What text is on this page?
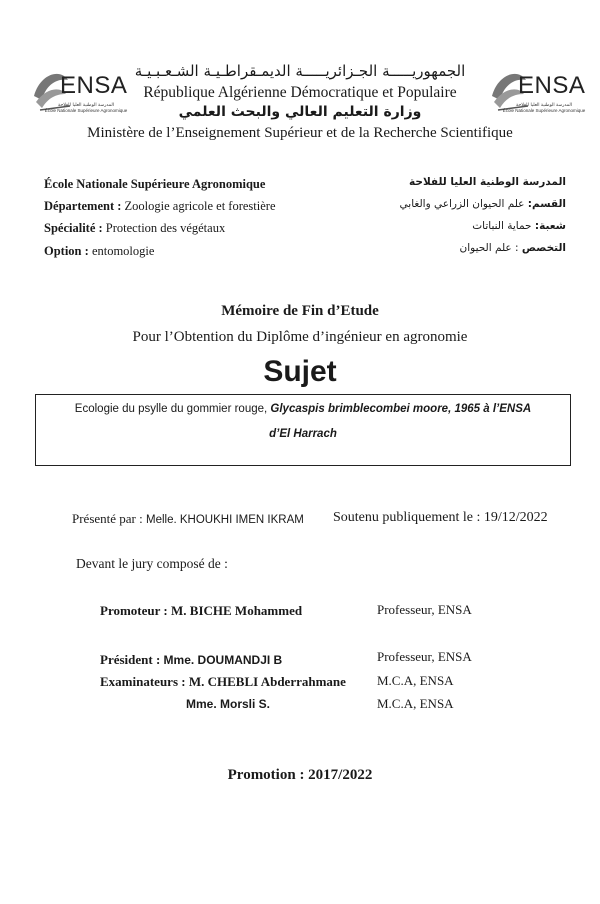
ENSA
المدرسة الوطنية العليا للفلاحة
École Nationale Supérieure Agronomique
ENSA
المدرسة الوطنية العليا للفلاحة
École Nationale Supérieure Agronomique
الجمهوريـــــة الجـزائريـــــة الديمـقراطـيـة الشـعـبـيـة
République Algérienne Démocratique et Populaire
وزارة التعليم العالي والبحث العلمي
Ministère de l’Enseignement Supérieur et de la Recherche Scientifique
École Nationale Supérieure Agronomique
Département : Zoologie agricole et forestière
Spécialité : Protection des végétaux
Option : entomologie
المدرسة الوطنية العليا للفلاحة
القسم: علم الحيوان الزراعي والغابي
شعبة: حماية النباتات
التخصص : علم الحيوان
Mémoire de Fin d’Etude
Pour l’Obtention du Diplôme d’ingénieur en agronomie
Sujet
Ecologie du psylle du gommier rouge, Glycaspis brimblecombei moore, 1965 à l’ENSA d’El Harrach
Présenté par : Melle. KHOUKHI IMEN IKRAM Soutenu publiquement le : 19/12/2022
Devant le jury composé de :
Promoteur : M. BICHE Mohammed	Professeur, ENSA
Président : Mme. DOUMANDJI B	Professeur, ENSA
Examinateurs : M. CHEBLI Abderrahmane M.C.A, ENSA
Mme. Morsli S.	M.C.A, ENSA
Promotion : 2017/2022
